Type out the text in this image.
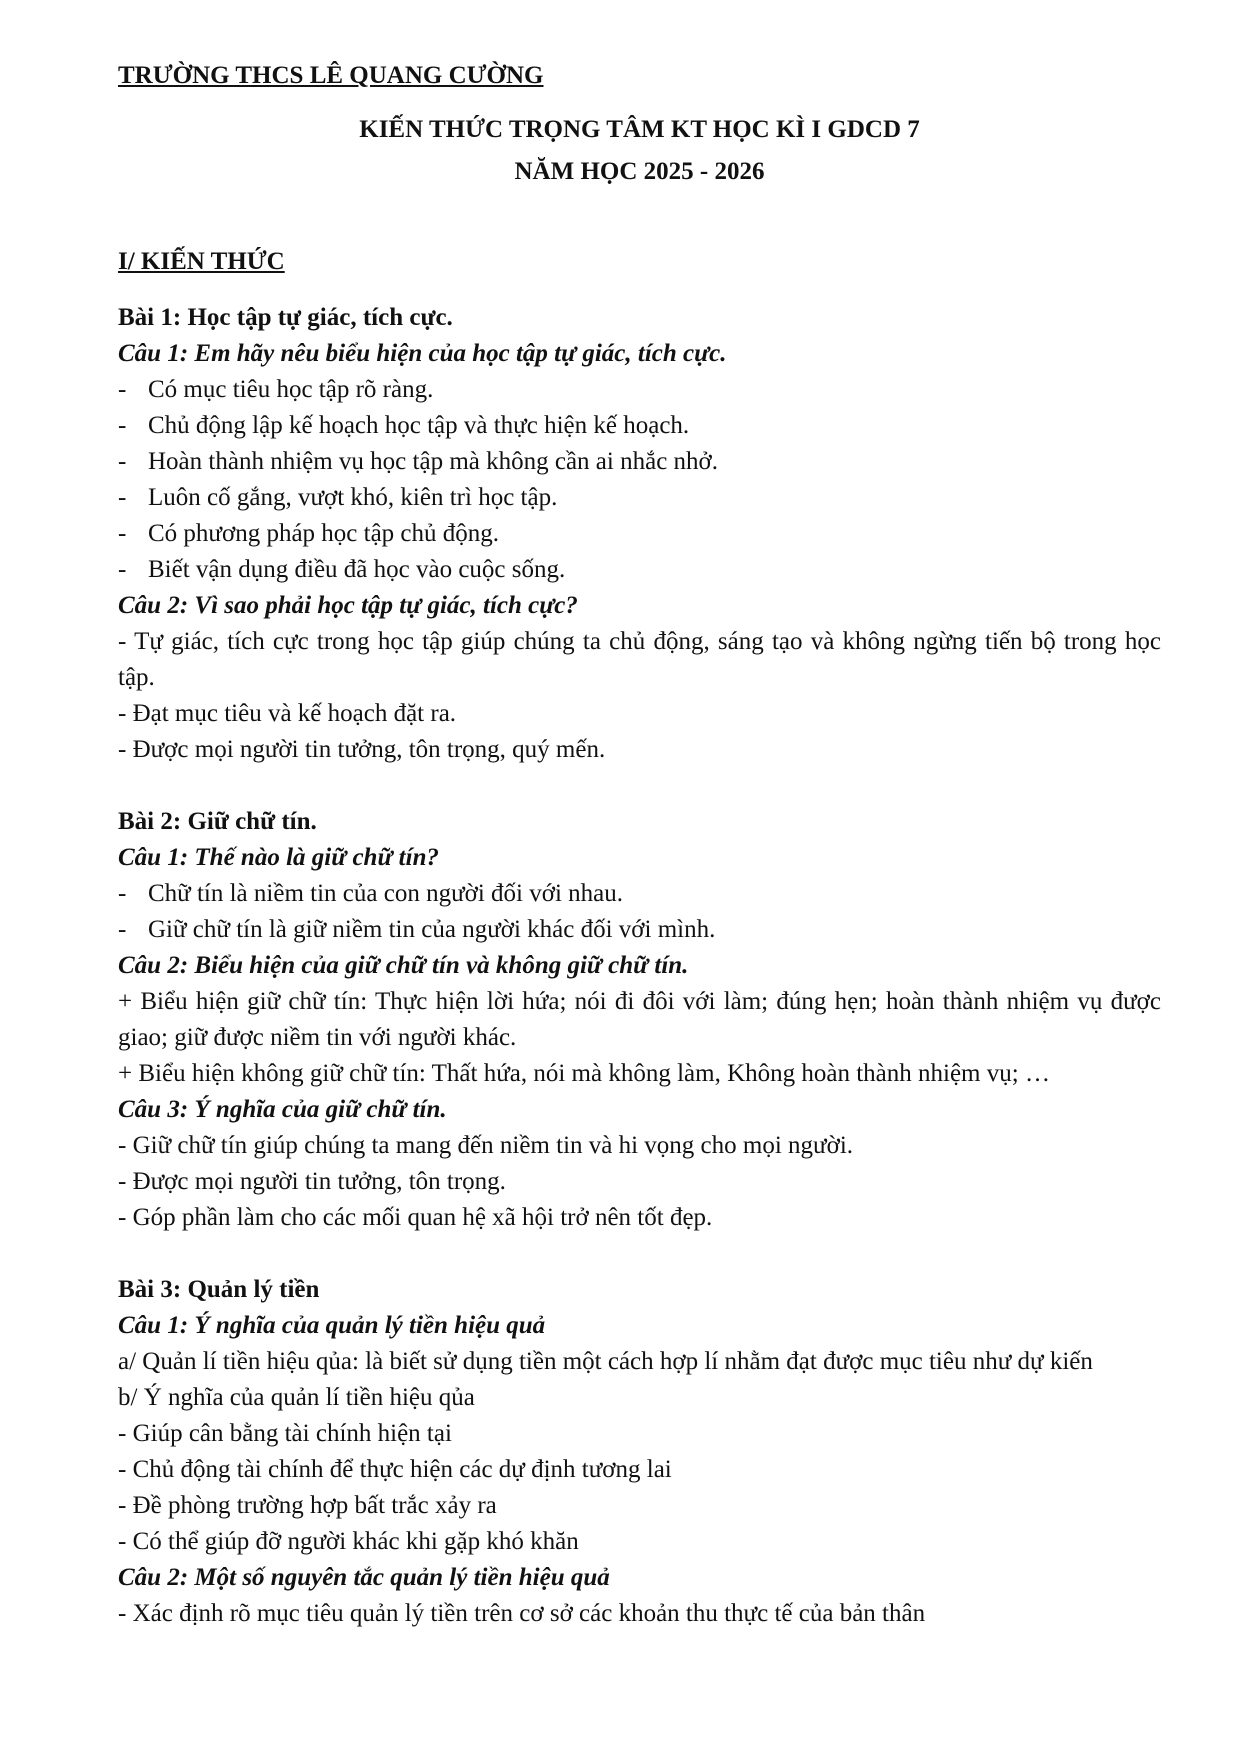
TRƯỜNG THCS LÊ QUANG CƯỜNG

KIẾN THỨC TRỌNG TÂM KT HỌC KÌ I GDCD 7

NĂM HỌC 2025 - 2026

I/ KIẾN THỨC

Bài 1: Học tập tự giác, tích cực.

Câu 1: Em hãy nêu biểu hiện của học tập tự giác, tích cực.

- Có mục tiêu học tập rõ ràng.
- Chủ động lập kế hoạch học tập và thực hiện kế hoạch.
- Hoàn thành nhiệm vụ học tập mà không cần ai nhắc nhở.
- Luôn cố gắng, vượt khó, kiên trì học tập.
- Có phương pháp học tập chủ động.
- Biết vận dụng điều đã học vào cuộc sống.

Câu 2: Vì sao phải học tập tự giác, tích cực?

- Tự giác, tích cực trong học tập giúp chúng ta chủ động, sáng tạo và không ngừng tiến bộ trong học tập.

- Đạt mục tiêu và kế hoạch đặt ra.

- Được mọi người tin tưởng, tôn trọng, quý mến.

Bài 2: Giữ chữ tín.

Câu 1: Thế nào là giữ chữ tín?

- Chữ tín là niềm tin của con người đối với nhau.
- Giữ chữ tín là giữ niềm tin của người khác đối với mình.

Câu 2: Biểu hiện của giữ chữ tín và không giữ chữ tín.

+ Biểu hiện giữ chữ tín: Thực hiện lời hứa; nói đi đôi với làm; đúng hẹn; hoàn thành nhiệm vụ được giao; giữ được niềm tin với người khác.

+ Biểu hiện không giữ chữ tín: Thất hứa, nói mà không làm, Không hoàn thành nhiệm vụ; …

Câu 3: Ý nghĩa của giữ chữ tín.

- Giữ chữ tín giúp chúng ta mang đến niềm tin và hi vọng cho mọi người.

- Được mọi người tin tưởng, tôn trọng.

- Góp phần làm cho các mối quan hệ xã hội trở nên tốt đẹp.

Bài 3: Quản lý tiền

Câu 1: Ý nghĩa của quản lý tiền hiệu quả

a/ Quản lí tiền hiệu qủa: là biết sử dụng tiền một cách hợp lí nhằm đạt được mục tiêu như dự kiến

b/ Ý nghĩa của quản lí tiền hiệu qủa

- Giúp cân bằng tài chính hiện tại

- Chủ động tài chính để thực hiện các dự định tương lai

- Đề phòng trường hợp bất trắc xảy ra

- Có thể giúp đỡ người khác khi gặp khó khăn

Câu 2: Một số nguyên tắc quản lý tiền hiệu quả

- Xác định rõ mục tiêu quản lý tiền trên cơ sở các khoản thu thực tế của bản thân
